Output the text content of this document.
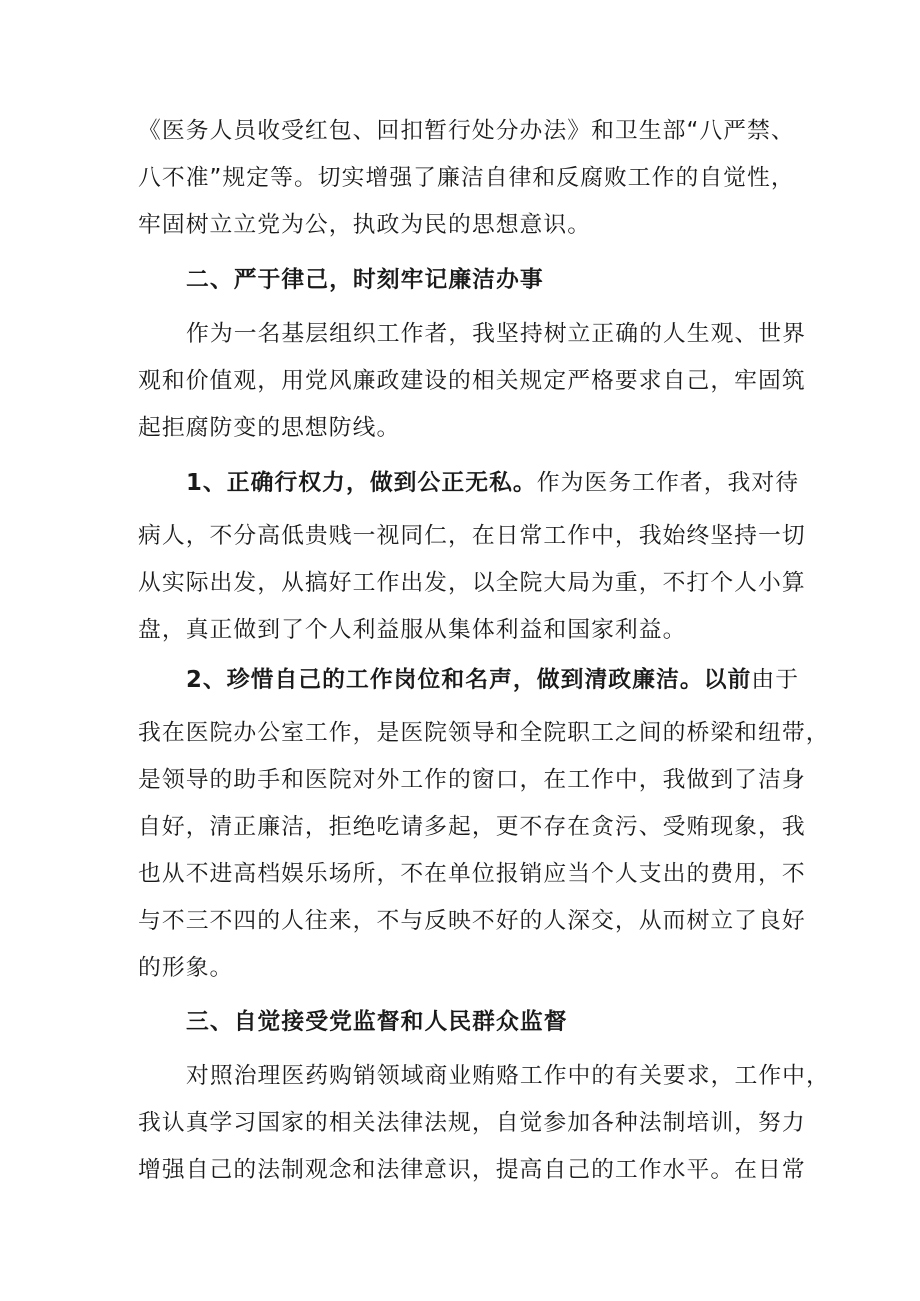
《医务人员收受红包、回扣暂行处分办法》和卫生部“八严禁、
八不准”规定等。切实增强了廉洁自律和反腐败工作的自觉性，
牢固树立立党为公，执政为民的思想意识。
二、严于律己，时刻牢记廉洁办事
作为一名基层组织工作者，我坚持树立正确的人生观、世界
观和价值观，用党风廉政建设的相关规定严格要求自己，牢固筑
起拒腐防变的思想防线。
1、正确行权力，做到公正无私。作为医务工作者，我对待
病人，不分高低贵贱一视同仁，在日常工作中，我始终坚持一切
从实际出发，从搞好工作出发，以全院大局为重，不打个人小算
盘，真正做到了个人利益服从集体利益和国家利益。
2、珍惜自己的工作岗位和名声，做到清政廉洁。以前由于
我在医院办公室工作，是医院领导和全院职工之间的桥梁和纽带，
是领导的助手和医院对外工作的窗口，在工作中，我做到了洁身
自好，清正廉洁，拒绝吃请多起，更不存在贪污、受贿现象，我
也从不进高档娱乐场所，不在单位报销应当个人支出的费用，不
与不三不四的人往来，不与反映不好的人深交，从而树立了良好
的形象。
三、自觉接受党监督和人民群众监督
对照治理医药购销领域商业贿赂工作中的有关要求，工作中，
我认真学习国家的相关法律法规，自觉参加各种法制培训，努力
增强自己的法制观念和法律意识，提高自己的工作水平。在日常
